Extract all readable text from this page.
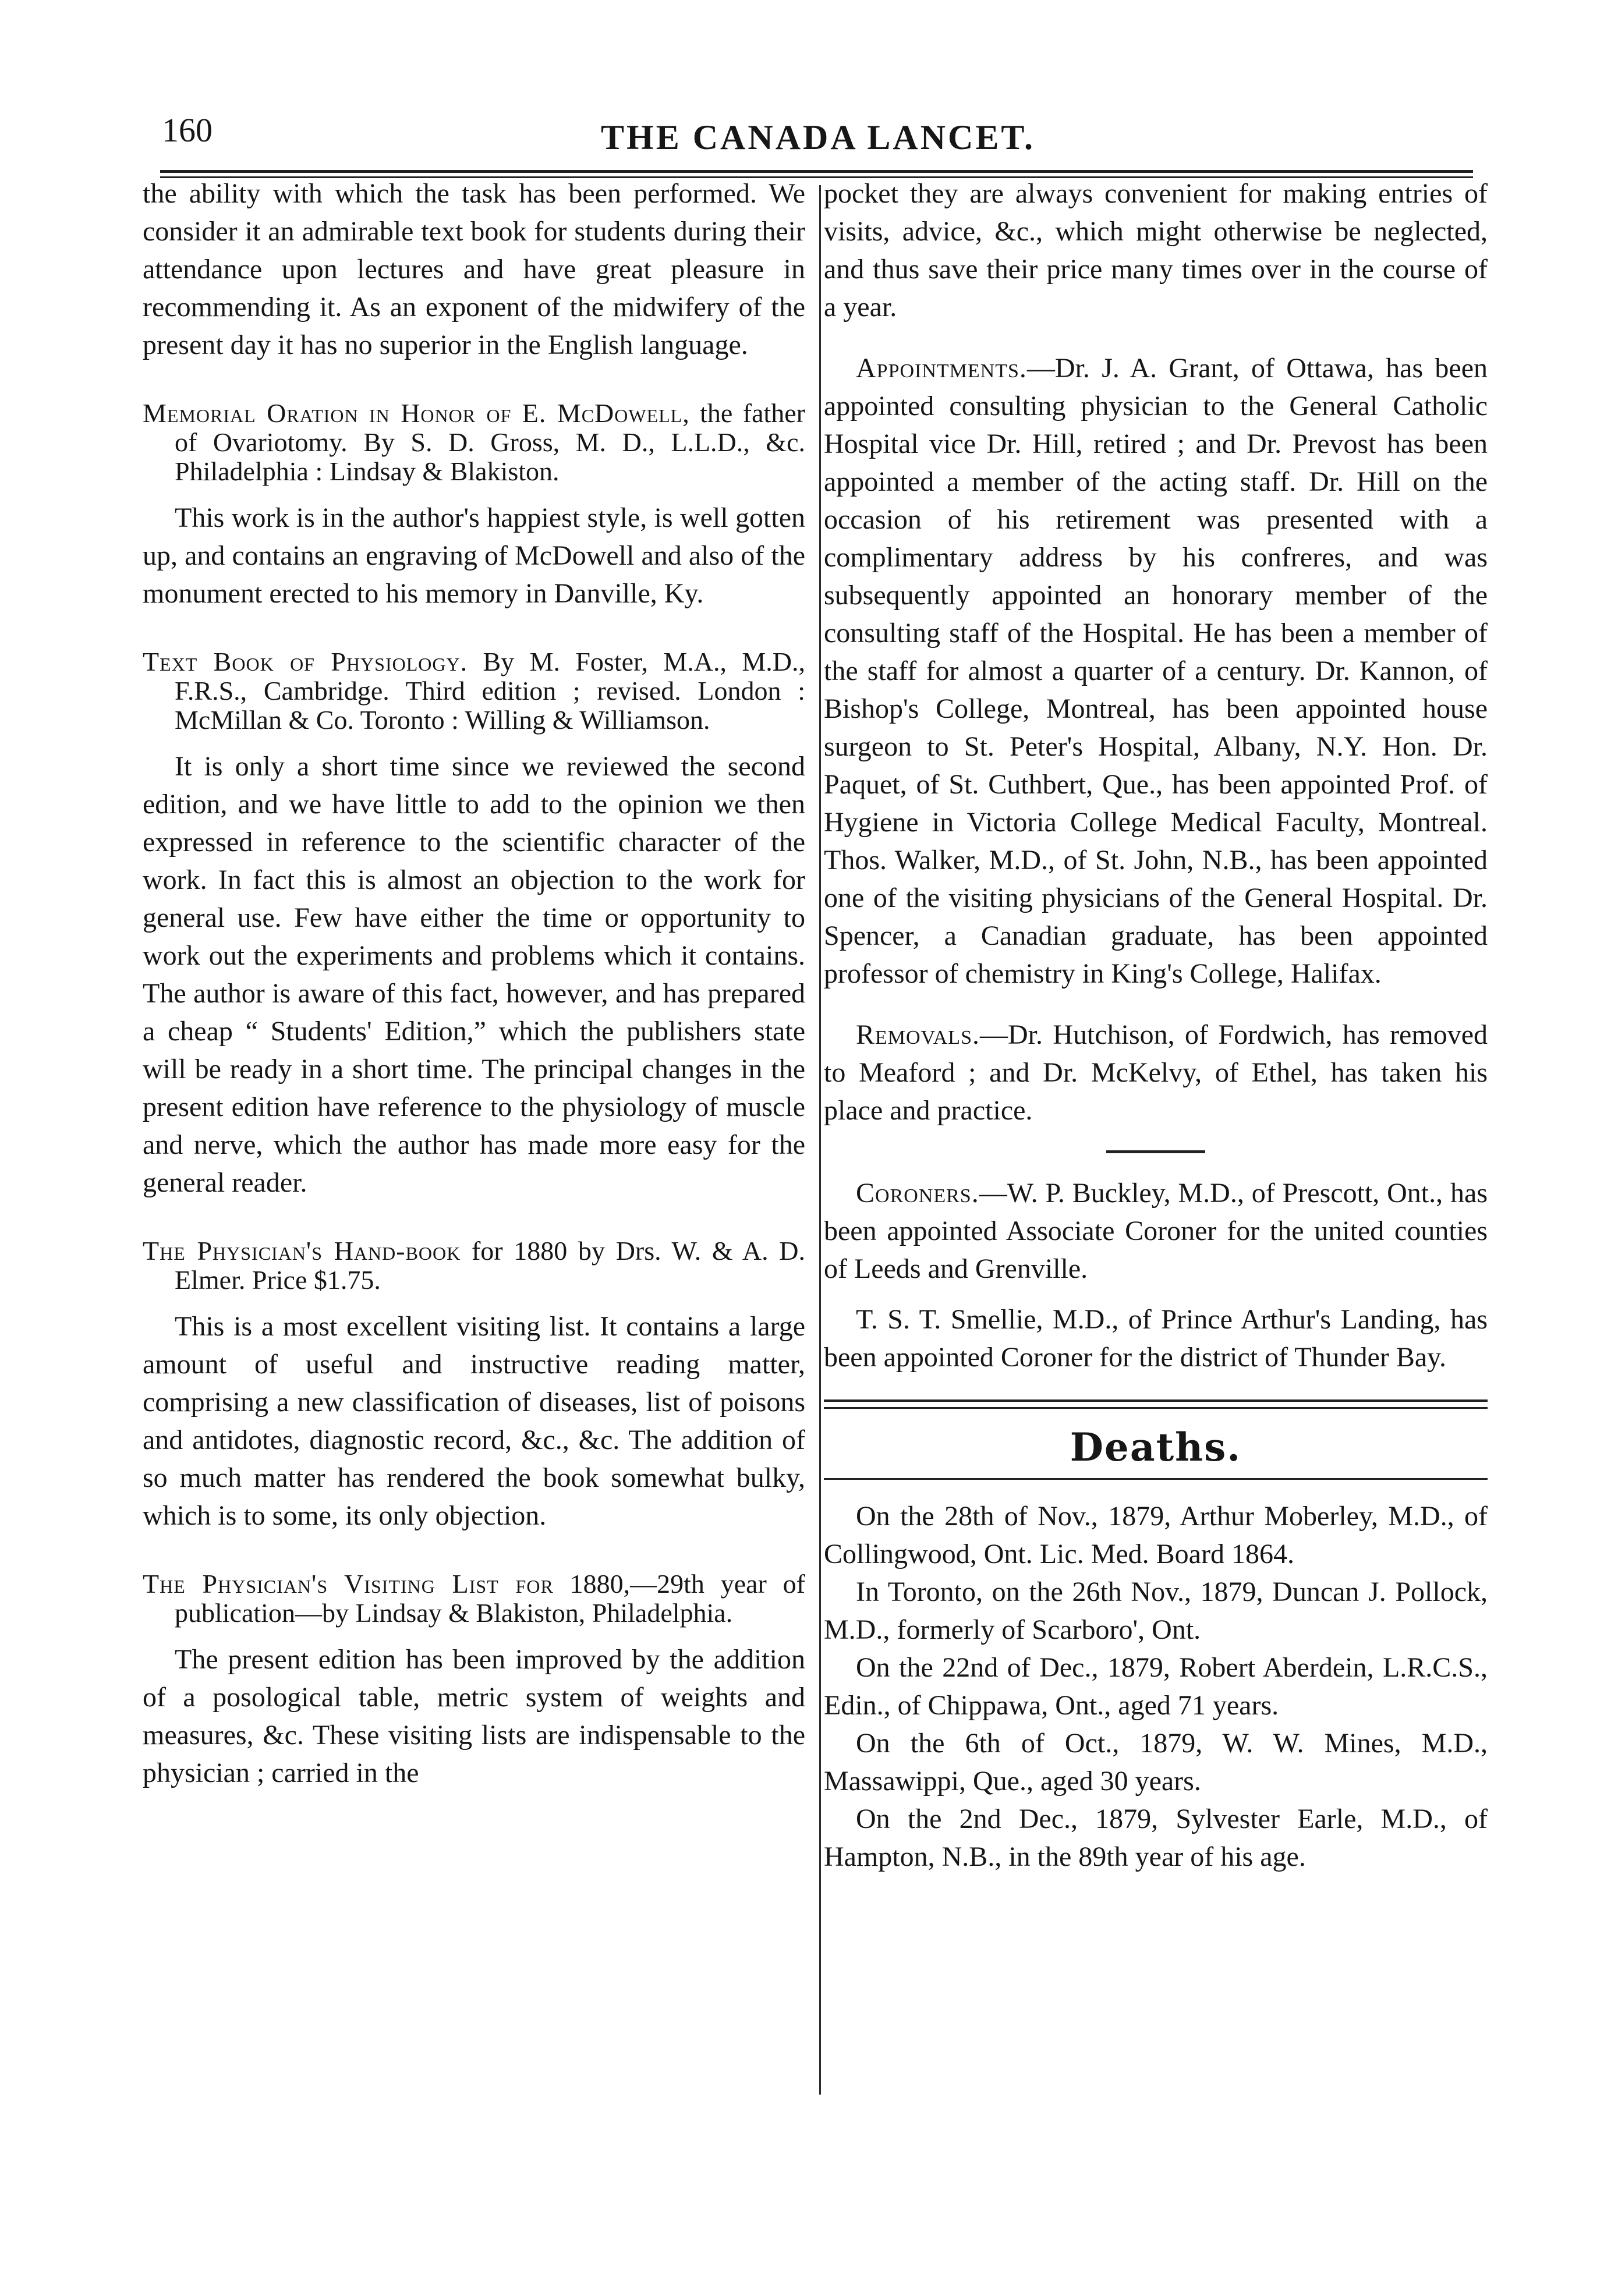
160	THE CANADA LANCET.

the ability with which the task has been performed. We consider it an admirable text book for students during their attendance upon lectures and have great pleasure in recommending it. As an exponent of the midwifery of the present day it has no superior in the English language.

Memorial Oration in Honor of E. McDowell, the father of Ovariotomy. By S. D. Gross, M. D., L.L.D., &c. Philadelphia : Lindsay & Blakiston.

This work is in the author's happiest style, is well gotten up, and contains an engraving of McDowell and also of the monument erected to his memory in Danville, Ky.

Text Book of Physiology. By M. Foster, M.A., M.D., F.R.S., Cambridge. Third edition ; revised. London : McMillan & Co. Toronto : Willing & Williamson.

It is only a short time since we reviewed the second edition, and we have little to add to the opinion we then expressed in reference to the scientific character of the work. In fact this is almost an objection to the work for general use. Few have either the time or opportunity to work out the experiments and problems which it contains. The author is aware of this fact, however, and has prepared a cheap “ Students' Edition,” which the publishers state will be ready in a short time. The principal changes in the present edition have reference to the physiology of muscle and nerve, which the author has made more easy for the general reader.

The Physician's Hand-book for 1880 by Drs. W. & A. D. Elmer. Price $1.75.

This is a most excellent visiting list. It contains a large amount of useful and instructive reading matter, comprising a new classification of diseases, list of poisons and antidotes, diagnostic record, &c., &c. The addition of so much matter has rendered the book somewhat bulky, which is to some, its only objection.

The Physician's Visiting List for 1880,—29th year of publication—by Lindsay & Blakiston, Philadelphia.

The present edition has been improved by the addition of a posological table, metric system of weights and measures, &c. These visiting lists are indispensable to the physician ; carried in the

pocket they are always convenient for making entries of visits, advice, &c., which might otherwise be neglected, and thus save their price many times over in the course of a year.

Appointments.—Dr. J. A. Grant, of Ottawa, has been appointed consulting physician to the General Catholic Hospital vice Dr. Hill, retired ; and Dr. Prevost has been appointed a member of the acting staff. Dr. Hill on the occasion of his retirement was presented with a complimentary address by his confreres, and was subsequently appointed an honorary member of the consulting staff of the Hospital. He has been a member of the staff for almost a quarter of a century. Dr. Kannon, of Bishop's College, Montreal, has been appointed house surgeon to St. Peter's Hospital, Albany, N.Y. Hon. Dr. Paquet, of St. Cuthbert, Que., has been appointed Prof. of Hygiene in Victoria College Medical Faculty, Montreal. Thos. Walker, M.D., of St. John, N.B., has been appointed one of the visiting physicians of the General Hospital. Dr. Spencer, a Canadian graduate, has been appointed professor of chemistry in King's College, Halifax.

Removals.—Dr. Hutchison, of Fordwich, has removed to Meaford ; and Dr. McKelvy, of Ethel, has taken his place and practice.

Coroners.—W. P. Buckley, M.D., of Prescott, Ont., has been appointed Associate Coroner for the united counties of Leeds and Grenville.

T. S. T. Smellie, M.D., of Prince Arthur's Landing, has been appointed Coroner for the district of Thunder Bay.

Deaths.

On the 28th of Nov., 1879, Arthur Moberley, M.D., of Collingwood, Ont. Lic. Med. Board 1864.

In Toronto, on the 26th Nov., 1879, Duncan J. Pollock, M.D., formerly of Scarboro', Ont.

On the 22nd of Dec., 1879, Robert Aberdein, L.R.C.S., Edin., of Chippawa, Ont., aged 71 years.

On the 6th of Oct., 1879, W. W. Mines, M.D., Massawippi, Que., aged 30 years.

On the 2nd Dec., 1879, Sylvester Earle, M.D., of Hampton, N.B., in the 89th year of his age.
